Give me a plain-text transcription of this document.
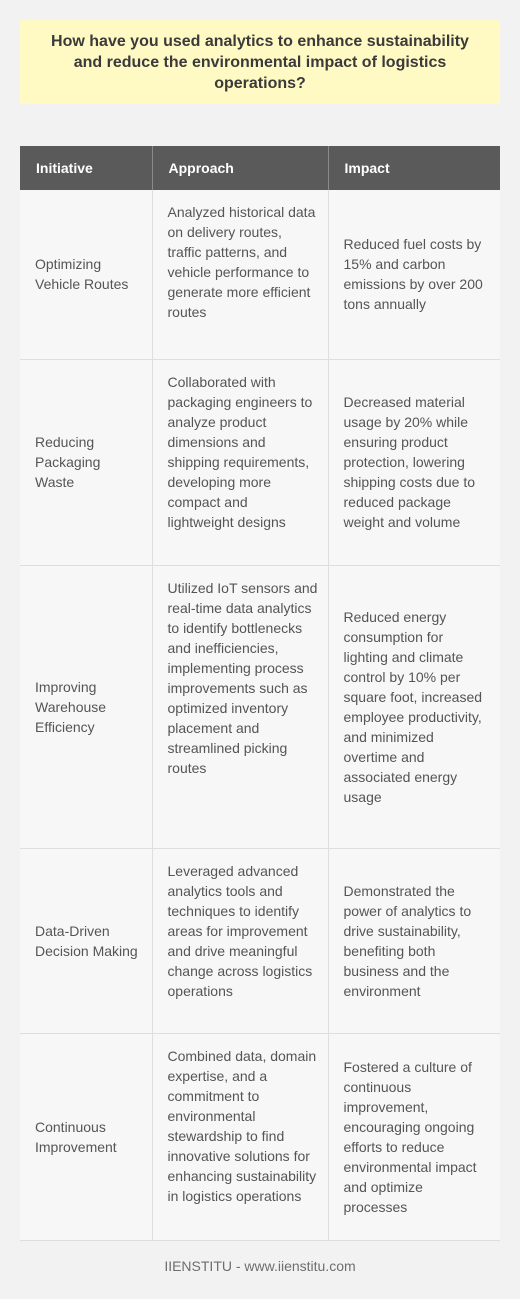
How have you used analytics to enhance sustainability and reduce the environmental impact of logistics operations?
Initiative	Approach	Impact
Optimizing Vehicle Routes	Analyzed historical data on delivery routes, traffic patterns, and vehicle performance to generate more efficient routes	Reduced fuel costs by 15% and carbon emissions by over 200 tons annually
Reducing Packaging Waste	Collaborated with packaging engineers to analyze product dimensions and shipping requirements, developing more compact and lightweight designs	Decreased material usage by 20% while ensuring product protection, lowering shipping costs due to reduced package weight and volume
Improving Warehouse Efficiency	Utilized IoT sensors and real-time data analytics to identify bottlenecks and inefficiencies, implementing process improvements such as optimized inventory placement and streamlined picking routes	Reduced energy consumption for lighting and climate control by 10% per square foot, increased employee productivity, and minimized overtime and associated energy usage
Data-Driven Decision Making	Leveraged advanced analytics tools and techniques to identify areas for improvement and drive meaningful change across logistics operations	Demonstrated the power of analytics to drive sustainability, benefiting both business and the environment
Continuous Improvement	Combined data, domain expertise, and a commitment to environmental stewardship to find innovative solutions for enhancing sustainability in logistics operations	Fostered a culture of continuous improvement, encouraging ongoing efforts to reduce environmental impact and optimize processes
IIENSTITU - www.iienstitu.com
